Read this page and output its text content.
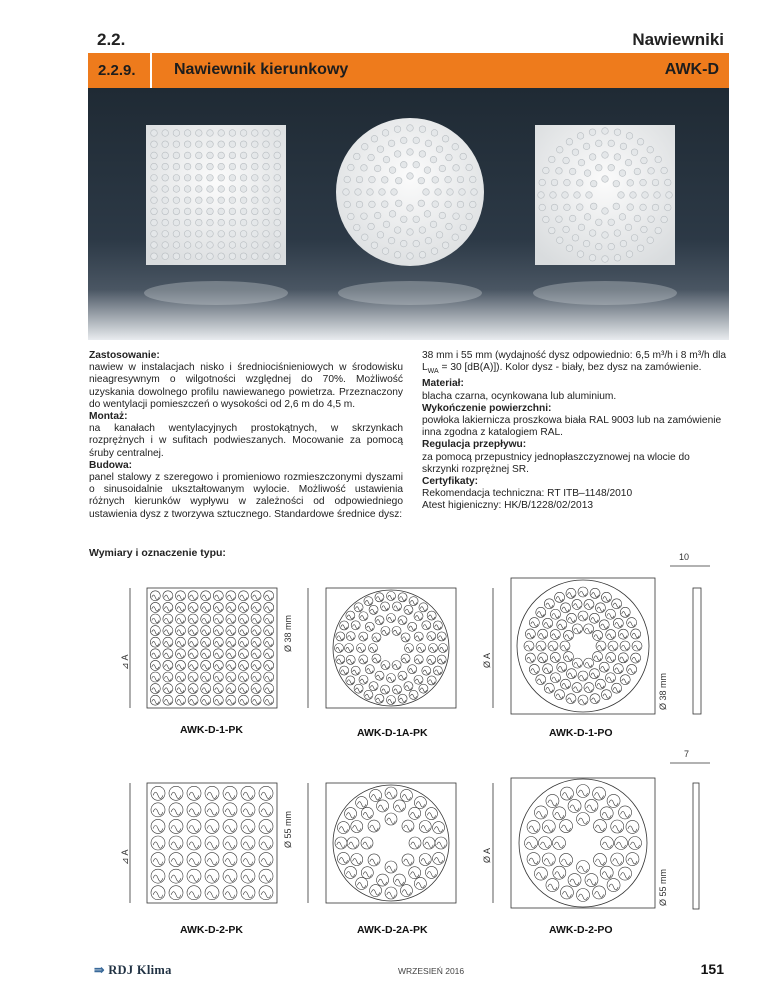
2.2.	Nawiewniki
2.2.9. Nawiewnik kierunkowy	AWK-D

Zastosowanie:

nawiew w instalacjach nisko i średniociśnieniowych w środowisku nieagresywnym o wilgotności względnej do 70%. Możliwość uzyskania dowolnego profilu nawiewanego powietrza. Przeznaczony do wentylacji pomieszczeń o wysokości od 2,6 m do 4,5 m.

Montaż:

na kanałach wentylacyjnych prostokątnych, w skrzynkach rozprężnych i w sufitach podwieszanych. Mocowanie za pomocą śruby centralnej.

Budowa:

panel stalowy z szeregowo i promieniowo rozmieszczonymi dyszami o sinusoidalnie ukształtowanym wylocie. Możliwość ustawienia różnych kierunków wypływu w zależności od odpowiedniego ustawienia dysz z tworzywa sztucznego. Standardowe średnice dysz:

38 mm i 55 mm (wydajność dysz odpowiednio: 6,5 m³/h i 8 m³/h dla $L_{WA} = 30$ [dB(A)]). Kolor dysz - biały, bez dysz na zamówienie.

Materiał:

blacha czarna, ocynkowana lub aluminium.

Wykończenie powierzchni:

powłoka lakiernicza proszkowa biała RAL 9003 lub na zamówienie inna zgodna z katalogiem RAL.

Regulacja przepływu:

za pomocą przepustnicy jednopłaszczyznowej na wlocie do skrzynki rozprężnej SR.

Certyfikaty:

Rekomendacja techniczna: RT ITB–1148/2010

Atest higieniczny: HK/B/1228/02/2013

Wymiary i oznaczenie typu:
⊿ A
Ø 38 mm
Ø A
Ø 38 mm
10
⊿ A
Ø 55 mm
Ø A
Ø 55 mm
7
AWK-D-1-PK	AWK-D-1A-PK	AWK-D-1-PO
AWK-D-2-PK	AWK-D-2A-PK	AWK-D-2-PO
⇛ RDJ Klima	WRZESIEŃ 2016	151
